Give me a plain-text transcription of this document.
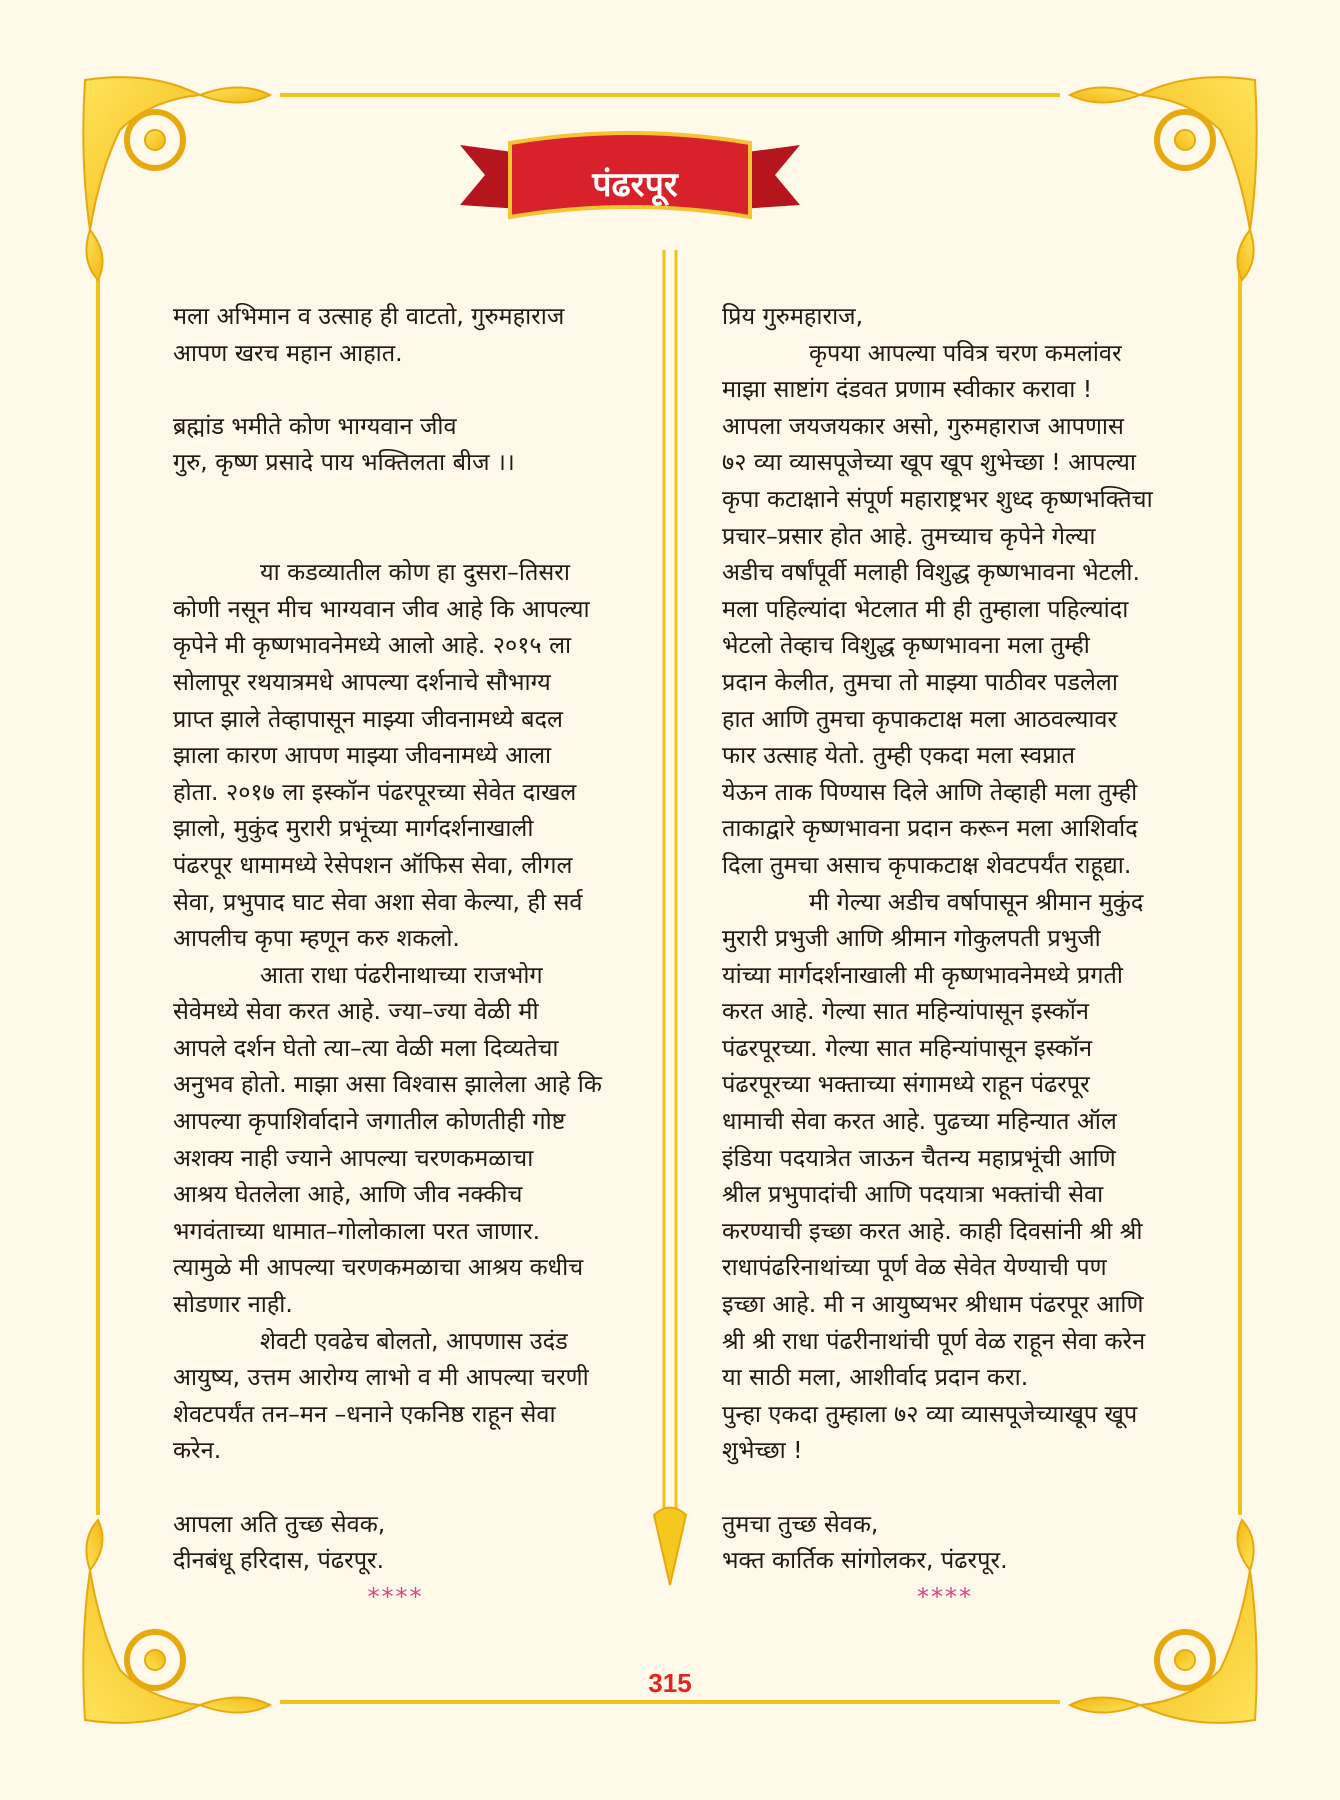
पंढरपूर

मला अभिमान व उत्साह ही वाटतो, गुरुमहाराज

आपण खरच महान आहात.

ब्रह्मांड भमीते कोण भाग्यवान जीव

गुरु, कृष्ण प्रसादे पाय भक्तिलता बीज ।।

या कडव्यातील कोण हा दुसरा–तिसरा

कोणी नसून मीच भाग्यवान जीव आहे कि आपल्या

कृपेने मी कृष्णभावनेमध्ये आलो आहे. २०१५ ला

सोलापूर रथयात्रमधे आपल्या दर्शनाचे सौभाग्य

प्राप्त झाले तेव्हापासून माझ्या जीवनामध्ये बदल

झाला कारण आपण माझ्या जीवनामध्ये आला

होता. २०१७ ला इस्कॉन पंढरपूरच्या सेवेत दाखल

झालो, मुकुंद मुरारी प्रभूंच्या मार्गदर्शनाखाली

पंढरपूर धामामध्ये रेसेपशन ऑफिस सेवा, लीगल

सेवा, प्रभुपाद घाट सेवा अशा सेवा केल्या, ही सर्व

आपलीच कृपा म्हणून करु शकलो.

आता राधा पंढरीनाथाच्या राजभोग

सेवेमध्ये सेवा करत आहे. ज्या–ज्या वेळी मी

आपले दर्शन घेतो त्या–त्या वेळी मला दिव्यतेचा

अनुभव होतो. माझा असा विश्वास झालेला आहे कि

आपल्या कृपाशिर्वादाने जगातील कोणतीही गोष्ट

अशक्य नाही ज्याने आपल्या चरणकमळाचा

आश्रय घेतलेला आहे, आणि जीव नक्कीच

भगवंताच्या धामात–गोलोकाला परत जाणार.

त्यामुळे मी आपल्या चरणकमळाचा आश्रय कधीच

सोडणार नाही.

शेवटी एवढेच बोलतो, आपणास उदंड

आयुष्य, उत्तम आरोग्य लाभो व मी आपल्या चरणी

शेवटपर्यंत तन–मन –धनाने एकनिष्ठ राहून सेवा

करेन.

आपला अति तुच्छ सेवक,

दीनबंधू हरिदास, पंढरपूर.

****

प्रिय गुरुमहाराज,

कृपया आपल्या पवित्र चरण कमलांवर

माझा साष्टांग दंडवत प्रणाम स्वीकार करावा !

आपला जयजयकार असो, गुरुमहाराज आपणास

७२ व्या व्यासपूजेच्या खूप खूप शुभेच्छा ! आपल्या

कृपा कटाक्षाने संपूर्ण महाराष्ट्रभर शुध्द कृष्णभक्तिचा

प्रचार–प्रसार होत आहे. तुमच्याच कृपेने गेल्या

अडीच वर्षांपूर्वी मलाही विशुद्ध कृष्णभावना भेटली.

मला पहिल्यांदा भेटलात मी ही तुम्हाला पहिल्यांदा

भेटलो तेव्हाच विशुद्ध कृष्णभावना मला तुम्ही

प्रदान केलीत, तुमचा तो माझ्या पाठीवर पडलेला

हात आणि तुमचा कृपाकटाक्ष मला आठवल्यावर

फार उत्साह येतो. तुम्ही एकदा मला स्वप्नात

येऊन ताक पिण्यास दिले आणि तेव्हाही मला तुम्ही

ताकाद्वारे कृष्णभावना प्रदान करून मला आशिर्वाद

दिला तुमचा असाच कृपाकटाक्ष शेवटपर्यंत राहूद्या.

मी गेल्या अडीच वर्षापासून श्रीमान मुकुंद

मुरारी प्रभुजी आणि श्रीमान गोकुलपती प्रभुजी

यांच्या मार्गदर्शनाखाली मी कृष्णभावनेमध्ये प्रगती

करत आहे. गेल्या सात महिन्यांपासून इस्कॉन

पंढरपूरच्या. गेल्या सात महिन्यांपासून इस्कॉन

पंढरपूरच्या भक्ताच्या संगामध्ये राहून पंढरपूर

धामाची सेवा करत आहे. पुढच्या महिन्यात ऑल

इंडिया पदयात्रेत जाऊन चैतन्य महाप्रभूंची आणि

श्रील प्रभुपादांची आणि पदयात्रा भक्तांची सेवा

करण्याची इच्छा करत आहे. काही दिवसांनी श्री श्री

राधापंढरिनाथांच्या पूर्ण वेळ सेवेत येण्याची पण

इच्छा आहे. मी न आयुष्यभर श्रीधाम पंढरपूर आणि

श्री श्री राधा पंढरीनाथांची पूर्ण वेळ राहून सेवा करेन

या साठी मला, आशीर्वाद प्रदान करा.

पुन्हा एकदा तुम्हाला ७२ व्या व्यासपूजेच्याखूप खूप

शुभेच्छा !

तुमचा तुच्छ सेवक,

भक्त कार्तिक सांगोलकर, पंढरपूर.

****

315
